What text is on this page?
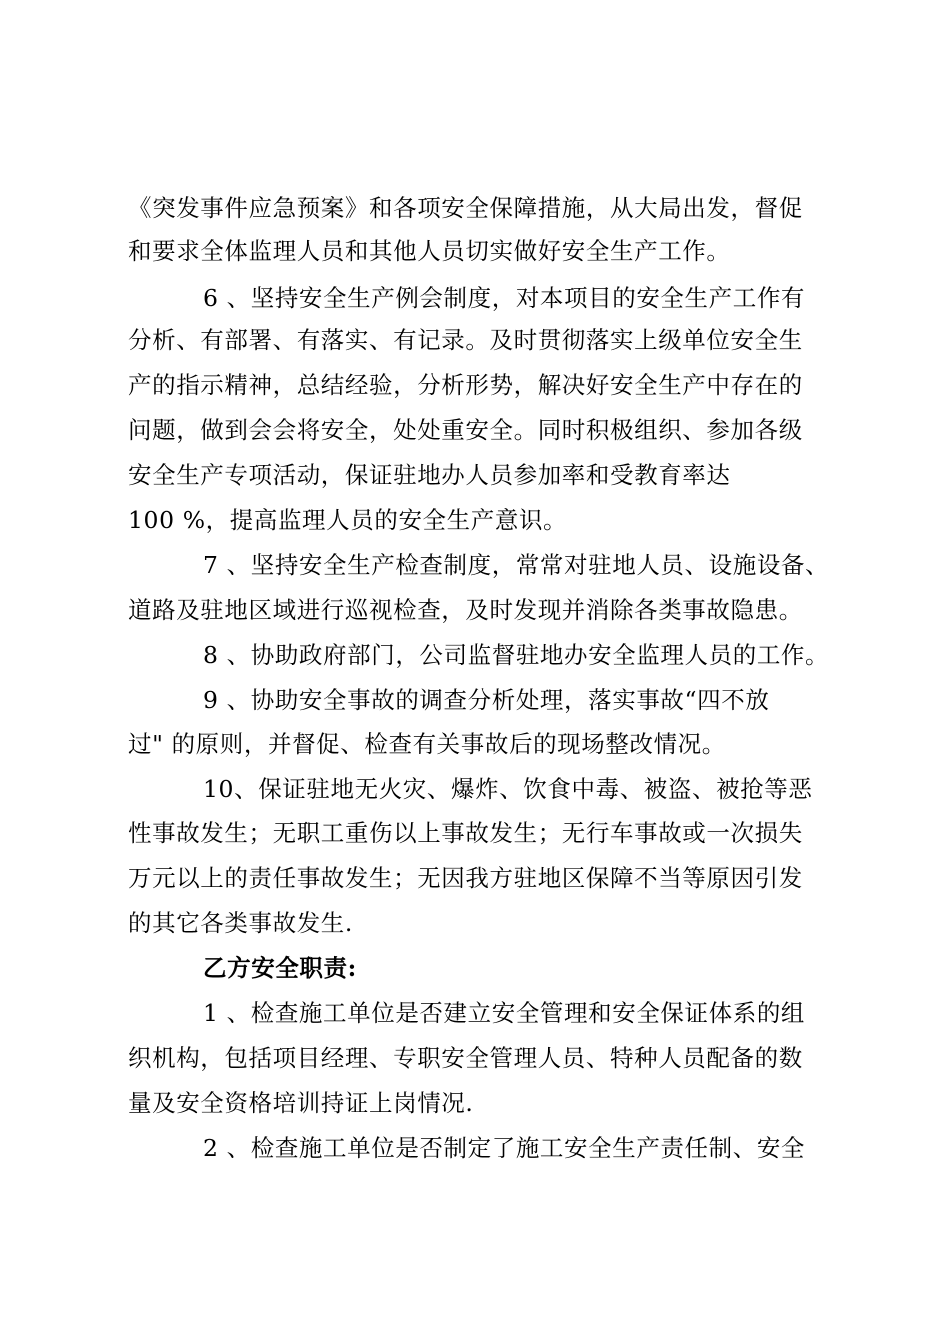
《突发事件应急预案》和各项安全保障措施，从大局出发，督促
和要求全体监理人员和其他人员切实做好安全生产工作。
6 、坚持安全生产例会制度，对本项目的安全生产工作有
分析、有部署、有落实、有记录。及时贯彻落实上级单位安全生
产的指示精神，总结经验，分析形势，解决好安全生产中存在的
问题，做到会会将安全，处处重安全。同时积极组织、参加各级
安全生产专项活动，保证驻地办人员参加率和受教育率达
100 %，提高监理人员的安全生产意识。
7 、坚持安全生产检查制度，常常对驻地人员、设施设备、
道路及驻地区域进行巡视检查，及时发现并消除各类事故隐患。
8 、协助政府部门，公司监督驻地办安全监理人员的工作。
9 、协助安全事故的调查分析处理，落实事故“四不放
过" 的原则，并督促、检查有关事故后的现场整改情况。
10、保证驻地无火灾、爆炸、饮食中毒、被盗、被抢等恶
性事故发生；无职工重伤以上事故发生；无行车事故或一次损失
万元以上的责任事故发生；无因我方驻地区保障不当等原因引发
的其它各类事故发生.
乙方安全职责:
1 、检查施工单位是否建立安全管理和安全保证体系的组
织机构，包括项目经理、专职安全管理人员、特种人员配备的数
量及安全资格培训持证上岗情况.
2 、检查施工单位是否制定了施工安全生产责任制、安全
